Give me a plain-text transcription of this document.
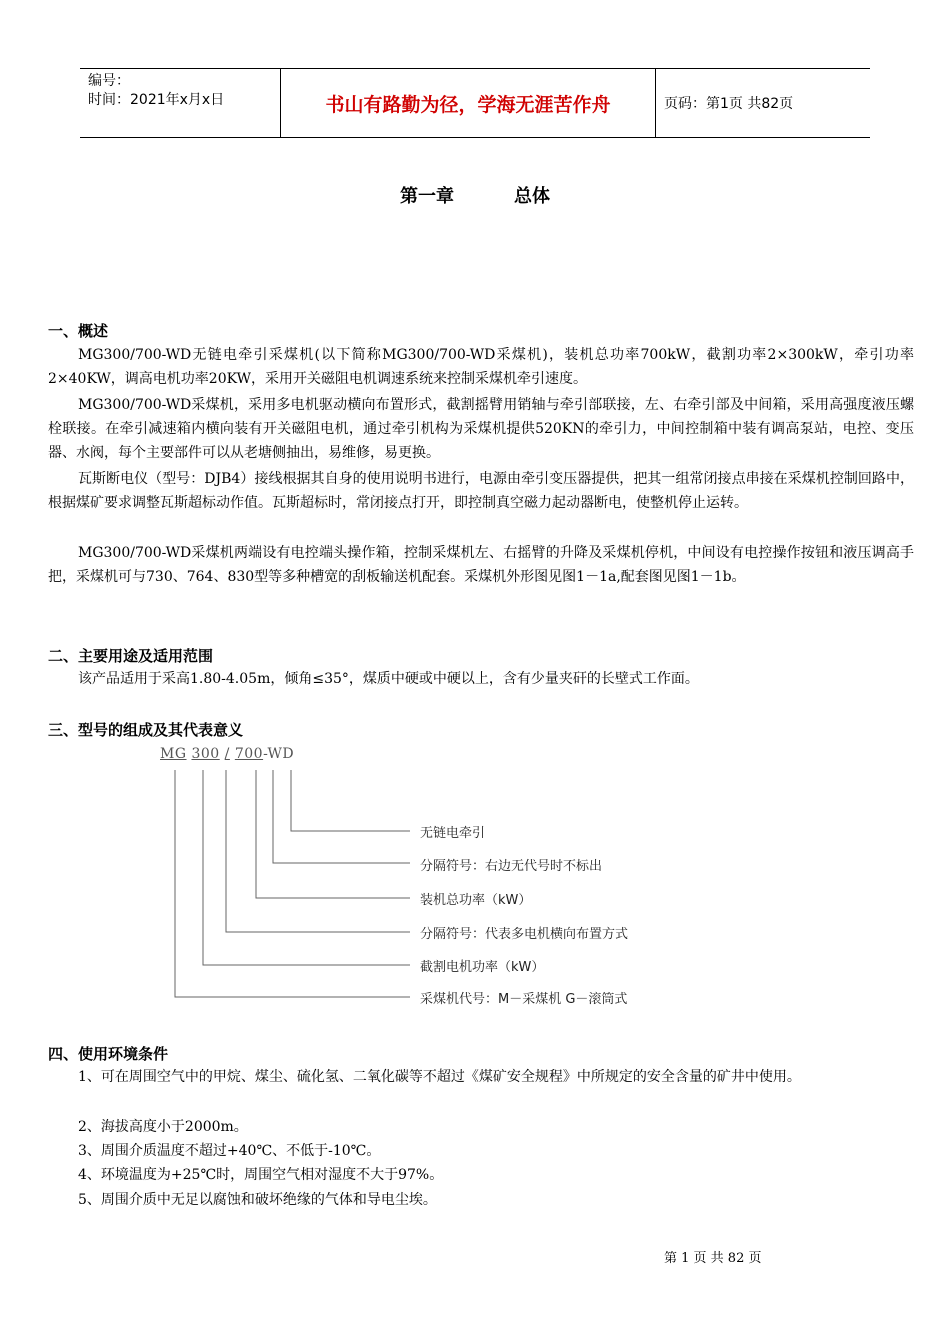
编号：
时间：2021年x月x日	书山有路勤为径，学海无涯苦作舟	页码：第1页 共82页
第一章	总体
一、概述

MG300/700-WD无链电牵引采煤机(以下简称MG300/700-WD采煤机)，装机总功率700kW，截割功率2×300kW，牵引功率2×40KW，调高电机功率20KW，采用开关磁阻电机调速系统来控制采煤机牵引速度。

MG300/700-WD采煤机，采用多电机驱动横向布置形式，截割摇臂用销轴与牵引部联接，左、右牵引部及中间箱，采用高强度液压螺栓联接。在牵引减速箱内横向装有开关磁阻电机，通过牵引机构为采煤机提供520KN的牵引力，中间控制箱中装有调高泵站，电控、变压器、水阀，每个主要部件可以从老塘侧抽出，易维修，易更换。

瓦斯断电仪（型号：DJB4）接线根据其自身的使用说明书进行，电源由牵引变压器提供，把其一组常闭接点串接在采煤机控制回路中，根据煤矿要求调整瓦斯超标动作值。瓦斯超标时，常闭接点打开，即控制真空磁力起动器断电，使整机停止运转。

MG300/700-WD采煤机两端设有电控端头操作箱，控制采煤机左、右摇臂的升降及采煤机停机，中间设有电控操作按钮和液压调高手把，采煤机可与730、764、830型等多种槽宽的刮板输送机配套。采煤机外形图见图1－1a,配套图见图1－1b。

二、主要用途及适用范围

该产品适用于采高1.80-4.05m，倾角≤35°，煤质中硬或中硬以上，含有少量夹矸的长壁式工作面。

三、型号的组成及其代表意义
MG 300 / 700-WD
无链电牵引
分隔符号：右边无代号时不标出
装机总功率（kW）
分隔符号：代表多电机横向布置方式
截割电机功率（kW）
采煤机代号：M－采煤机 G－滚筒式
四、使用环境条件

1、可在周围空气中的甲烷、煤尘、硫化氢、二氧化碳等不超过《煤矿安全规程》中所规定的安全含量的矿井中使用。

2、海拔高度小于2000m。

3、周围介质温度不超过+40℃、不低于-10℃。

4、环境温度为+25℃时，周围空气相对湿度不大于97%。

5、周围介质中无足以腐蚀和破坏绝缘的气体和导电尘埃。

第 1 页 共 82 页
